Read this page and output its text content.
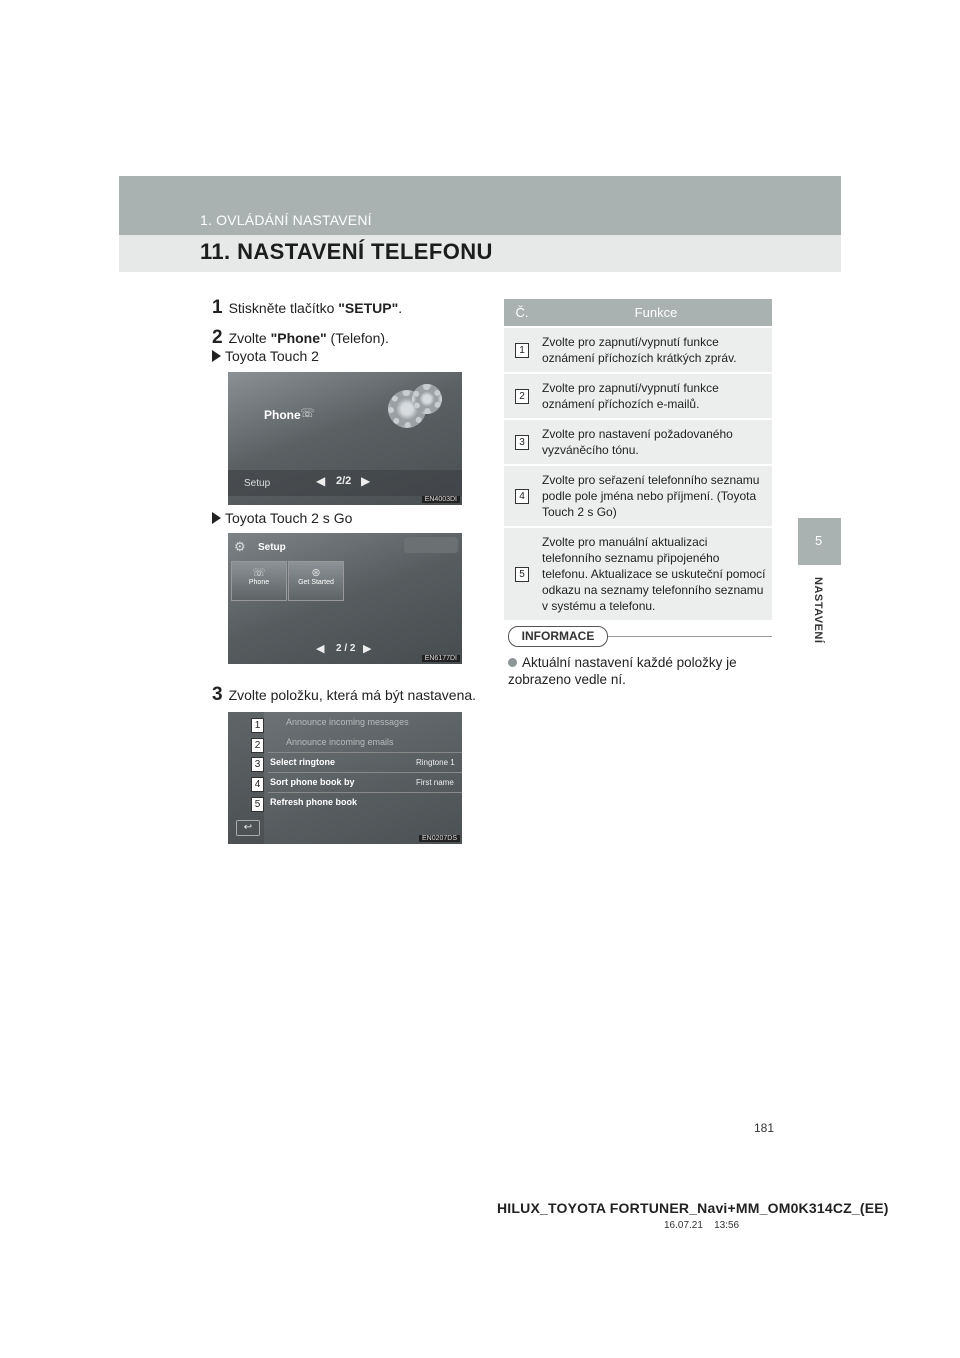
1. OVLÁDÁNÍ NASTAVENÍ
11. NASTAVENÍ TELEFONU
5
NASTAVENÍ
1 Stiskněte tlačítko "SETUP".
2 Zvolte "Phone" (Telefon).
Toyota Touch 2
Phone ☏
Setup	◀ 2/2 ▶
EN4003DI
Toyota Touch 2 s Go
⚙ Setup
☏
Phone
⊛
Get Started
◀ 2 / 2 ▶
EN6177DI
3 Zvolte položku, která má být nastavena.
↩
1	Announce incoming messages
2	Announce incoming emails
3	Select ringtone	Ringtone 1
4	Sort phone book by	First name
5	Refresh phone book
EN0207DS
Č.	Funkce
1
Zvolte pro zapnutí/vypnutí funkce oznámení příchozích krátkých zpráv.
2
Zvolte pro zapnutí/vypnutí funkce oznámení příchozích e-mailů.
3
Zvolte pro nastavení požadovaného vyzváněcího tónu.
4
Zvolte pro seřazení telefonního seznamu podle pole jména nebo příjmení. (Toyota Touch 2 s Go)
5
Zvolte pro manuální aktualizaci telefonního seznamu připojeného telefonu. Aktualizace se uskuteční pomocí odkazu na seznamy telefonního seznamu v systému a telefonu.
INFORMACE
Aktuální nastavení každé položky je zobrazeno vedle ní.
181
HILUX_TOYOTA FORTUNER_Navi+MM_OM0K314CZ_(EE)
16.07.21 13:56
